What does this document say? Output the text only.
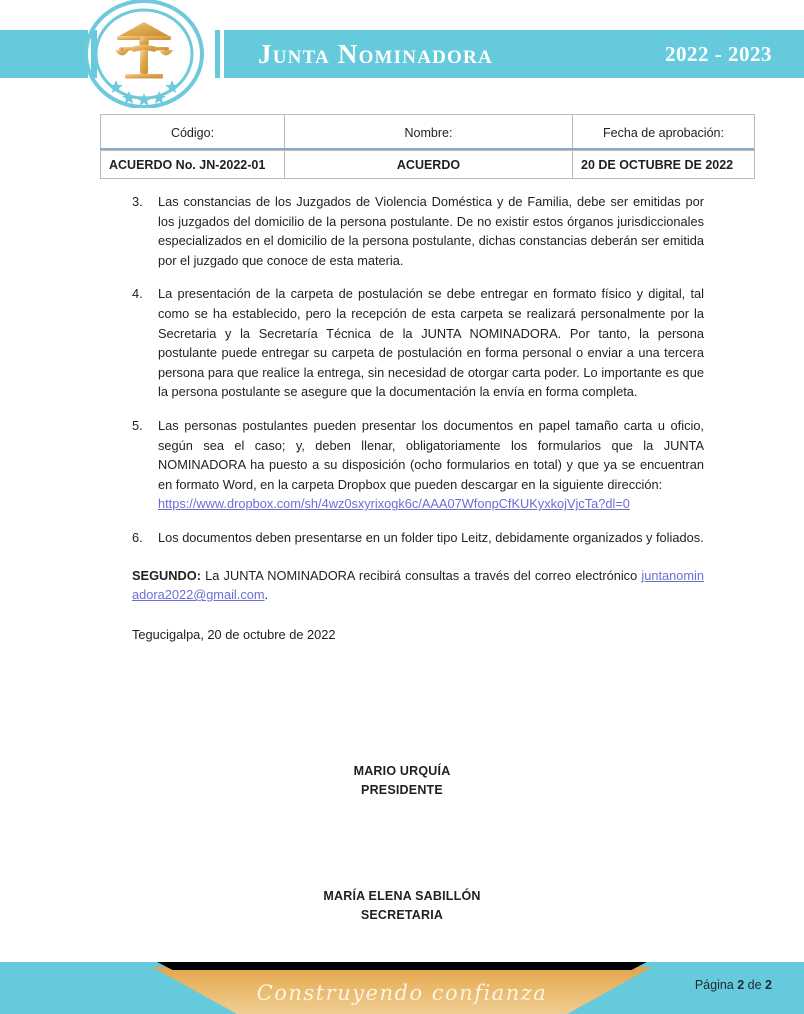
Junta Nominadora	2022 - 2023
Código:	Nombre:	Fecha de aprobación:
ACUERDO No. JN-2022-01	ACUERDO	20 DE OCTUBRE DE 2022
3.	Las constancias de los Juzgados de Violencia Doméstica y de Familia, debe ser emitidas por los juzgados del domicilio de la persona postulante. De no existir estos órganos jurisdiccionales especializados en el domicilio de la persona postulante, dichas constancias deberán ser emitida por el juzgado que conoce de esta materia.
4.	La presentación de la carpeta de postulación se debe entregar en formato físico y digital, tal como se ha establecido, pero la recepción de esta carpeta se realizará personalmente por la Secretaria y la Secretaría Técnica de la JUNTA NOMINADORA. Por tanto, la persona postulante puede entregar su carpeta de postulación en forma personal o enviar a una tercera persona para que realice la entrega, sin necesidad de otorgar carta poder. Lo importante es que la persona postulante se asegure que la documentación la envía en forma completa.
5.	Las personas postulantes pueden presentar los documentos en papel tamaño carta u oficio, según sea el caso; y, deben llenar, obligatoriamente los formularios que la JUNTA NOMINADORA ha puesto a su disposición (ocho formularios en total) y que ya se encuentran en formato Word, en la carpeta Dropbox que pueden descargar en la siguiente dirección:
https://www.dropbox.com/sh/4wz0sxyrixogk6c/AAA07WfonpCfKUKyxkojVjcTa?dl=0
6.	Los documentos deben presentarse en un folder tipo Leitz, debidamente organizados y foliados.
SEGUNDO: La JUNTA NOMINADORA recibirá consultas a través del correo electrónico juntanominadora2022@gmail.com.
Tegucigalpa, 20 de octubre de 2022
MARIO URQUÍA
PRESIDENTE
MARÍA ELENA SABILLÓN
SECRETARIA
Construyendo confianza	Página 2 de 2
